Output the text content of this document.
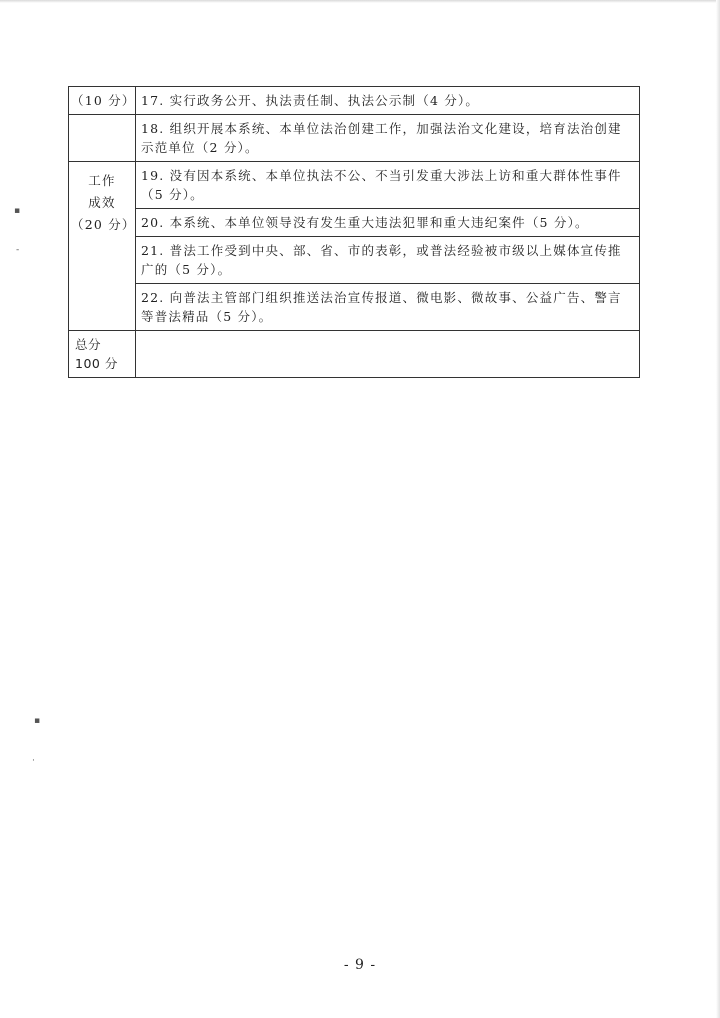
（10 分）	17. 实行政务公开、执法责任制、执法公示制（4 分）。
	18. 组织开展本系统、本单位法治创建工作，加强法治文化建设，培育法治创建示范单位（2 分）。

工作
成效
（20 分）	19. 没有因本系统、本单位执法不公、不当引发重大涉法上访和重大群体性事件（5 分）。
	20. 本系统、本单位领导没有发生重大违法犯罪和重大违纪案件（5 分）。
	21. 普法工作受到中央、部、省、市的表彰，或普法经验被市级以上媒体宣传推广的（5 分）。
	22. 向普法主管部门组织推送法治宣传报道、微电影、微故事、公益广告、警言等普法精品（5 分）。
总分
100 分	
▪
-
▪
·
- 9 -
